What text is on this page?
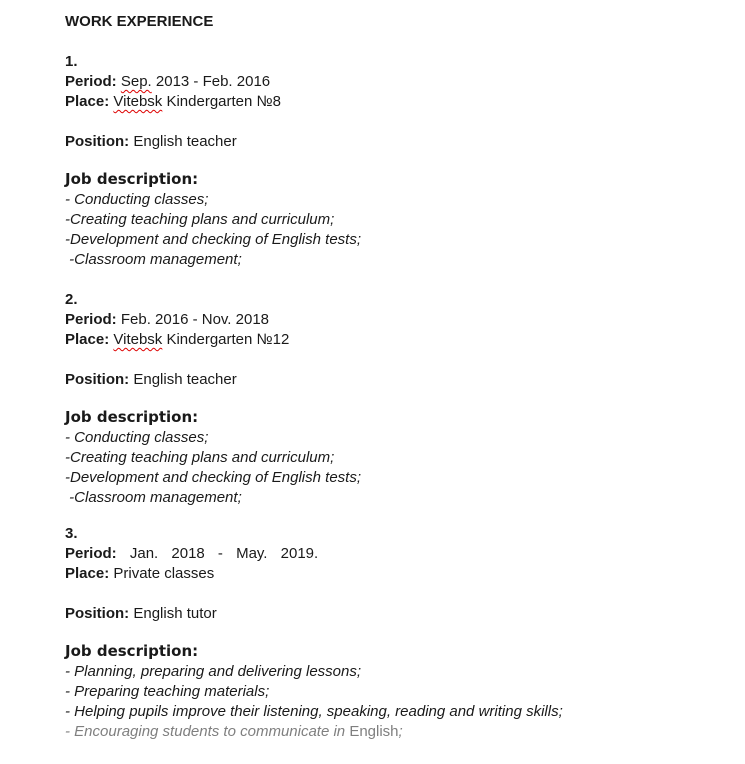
WORK EXPERIENCE
1.
Period: Sep. 2013 - Feb. 2016
Place: Vitebsk Kindergarten №8
Position: English teacher
Job description:
- Conducting classes;
-Creating teaching plans and curriculum;
-Development and checking of English tests;
-Classroom management;
2.
Period: Feb. 2016 - Nov. 2018
Place: Vitebsk Kindergarten №12
Position: English teacher
Job description:
- Conducting classes;
-Creating teaching plans and curriculum;
-Development and checking of English tests;
-Classroom management;
3.
Period: Jan. 2018 - May. 2019.
Place: Private classes
Position: English tutor
Job description:
- Planning, preparing and delivering lessons;
- Preparing teaching materials;
- Helping pupils improve their listening, speaking, reading and writing skills;
- Encouraging students to communicate in English;
